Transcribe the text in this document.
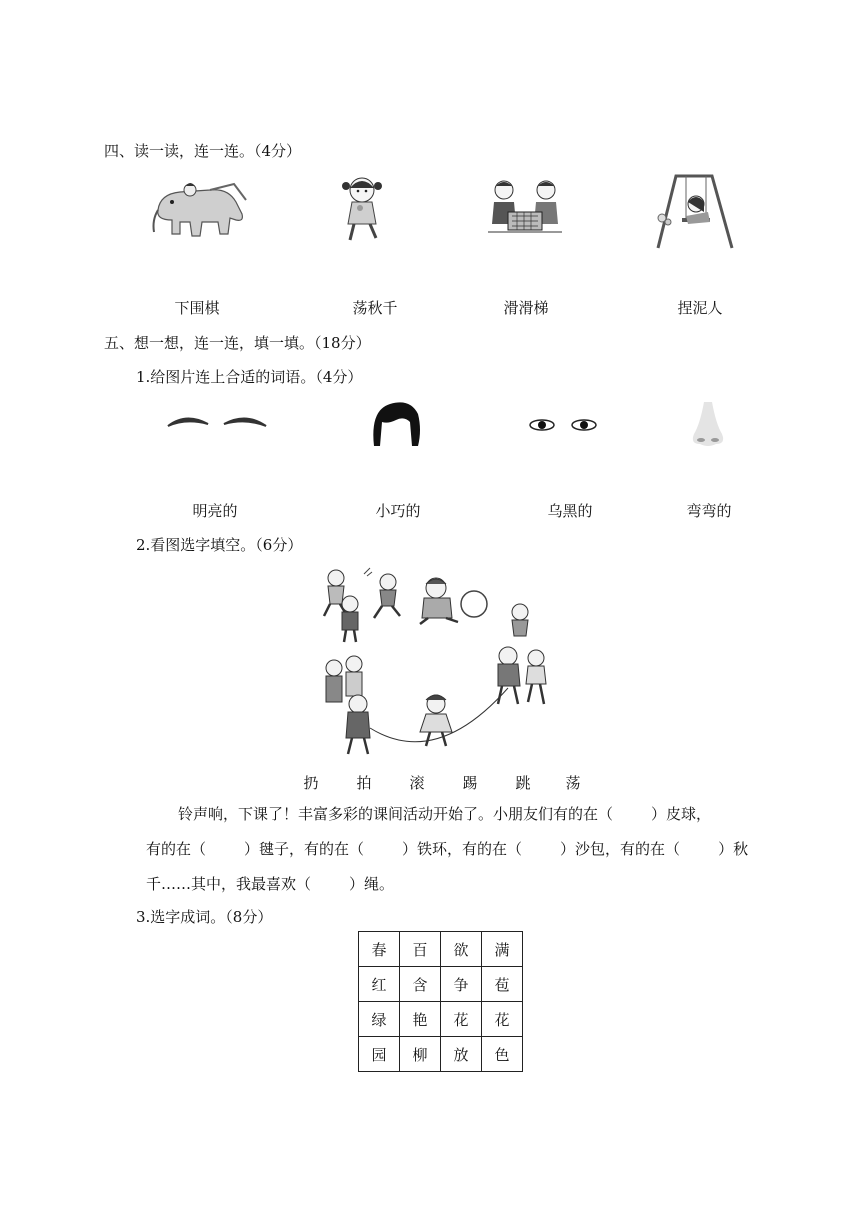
四、读一读，连一连。（4分）
下围棋	荡秋千	滑滑梯	捏泥人
五、想一想，连一连，填一填。（18分）
1.给图片连上合适的词语。（4分）
明亮的	小巧的	乌黑的	弯弯的
2.看图选字填空。（6分）
扔	拍	滚	踢	跳	荡
铃声响，下课了！丰富多彩的课间活动开始了。小朋友们有的在（	）皮球，
有的在（	）毽子，有的在（	）铁环，有的在（	）沙包，有的在（	）秋
千……其中，我最喜欢（	）绳。
3.选字成词。（8分）
春	百	欲	满
红	含	争	苞
绿	艳	花	花
园	柳	放	色
